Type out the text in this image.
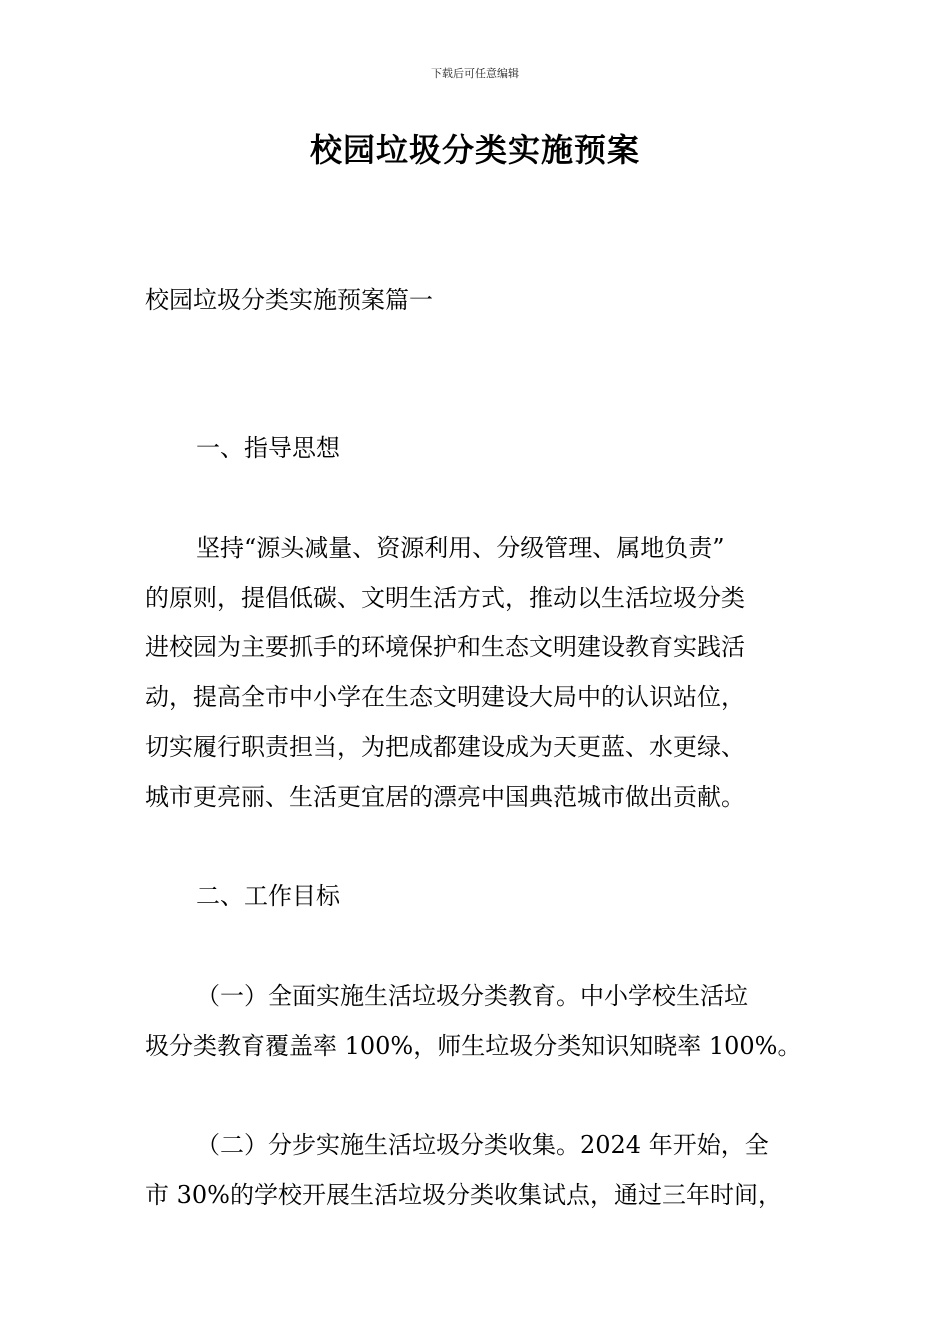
下载后可任意编辑
校园垃圾分类实施预案
校园垃圾分类实施预案篇一
一、指导思想
坚持“源头减量、资源利用、分级管理、属地负责”
的原则，提倡低碳、文明生活方式，推动以生活垃圾分类
进校园为主要抓手的环境保护和生态文明建设教育实践活
动，提高全市中小学在生态文明建设大局中的认识站位，
切实履行职责担当，为把成都建设成为天更蓝、水更绿、
城市更亮丽、生活更宜居的漂亮中国典范城市做出贡献。
二、工作目标
（一）全面实施生活垃圾分类教育。中小学校生活垃
圾分类教育覆盖率 100%，师生垃圾分类知识知晓率 100%。
（二）分步实施生活垃圾分类收集。2024 年开始，全
市 30%的学校开展生活垃圾分类收集试点，通过三年时间，
